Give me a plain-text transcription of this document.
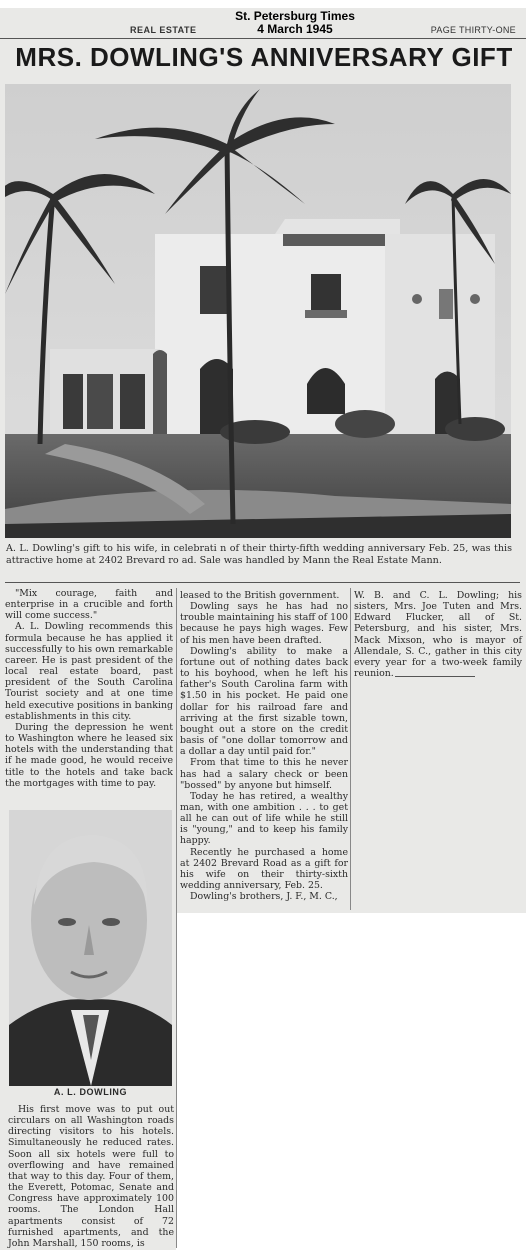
St. Petersburg Times
4 March 1945
REAL ESTATE	PAGE THIRTY-ONE
MRS. DOWLING'S ANNIVERSARY GIFT
A. L. Dowling's gift to his wife, in celebrati n of their thirty-fifth wedding anniversary Feb. 25, was this attractive home at 2402 Brevard ro ad. Sale was handled by Mann the Real Estate Mann.

"Mix courage, faith and enterprise in a crucible and forth will come success."

A. L. Dowling recommends this formula because he has applied it successfully to his own remarkable career. He is past president of the local real estate board, past president of the South Carolina Tourist society and at one time held executive positions in banking establishments in this city.

During the depression he went to Washington where he leased six hotels with the understanding that if he made good, he would receive title to the hotels and take back the mortgages with time to pay.

A. L. DOWLING

His first move was to put out circulars on all Washington roads directing visitors to his hotels. Simultaneously he reduced rates. Soon all six hotels were full to overflowing and have remained that way to this day. Four of them, the Everett, Potomac, Senate and Congress have approximately 100 rooms. The London Hall apartments consist of 72 furnished apartments, and the John Marshall, 150 rooms, is

leased to the British government.

Dowling says he has had no trouble maintaining his staff of 100 because he pays high wages. Few of his men have been drafted.

Dowling's ability to make a fortune out of nothing dates back to his boyhood, when he left his father's South Carolina farm with $1.50 in his pocket. He paid one dollar for his railroad fare and arriving at the first sizable town, bought out a store on the credit basis of "one dollar tomorrow and a dollar a day until paid for."

From that time to this he never has had a salary check or been "bossed" by anyone but himself.

Today he has retired, a wealthy man, with one ambition . . . to get all he can out of life while he still is "young," and to keep his family happy.

Recently he purchased a home at 2402 Brevard Road as a gift for his wife on their thirty-sixth wedding anniversary, Feb. 25.

Dowling's brothers, J. F., M. C.,

W. B. and C. L. Dowling; his sisters, Mrs. Joe Tuten and Mrs. Edward Flucker, all of St. Petersburg, and his sister, Mrs. Mack Mixson, who is mayor of Allendale, S. C., gather in this city every year for a two-week family reunion.
